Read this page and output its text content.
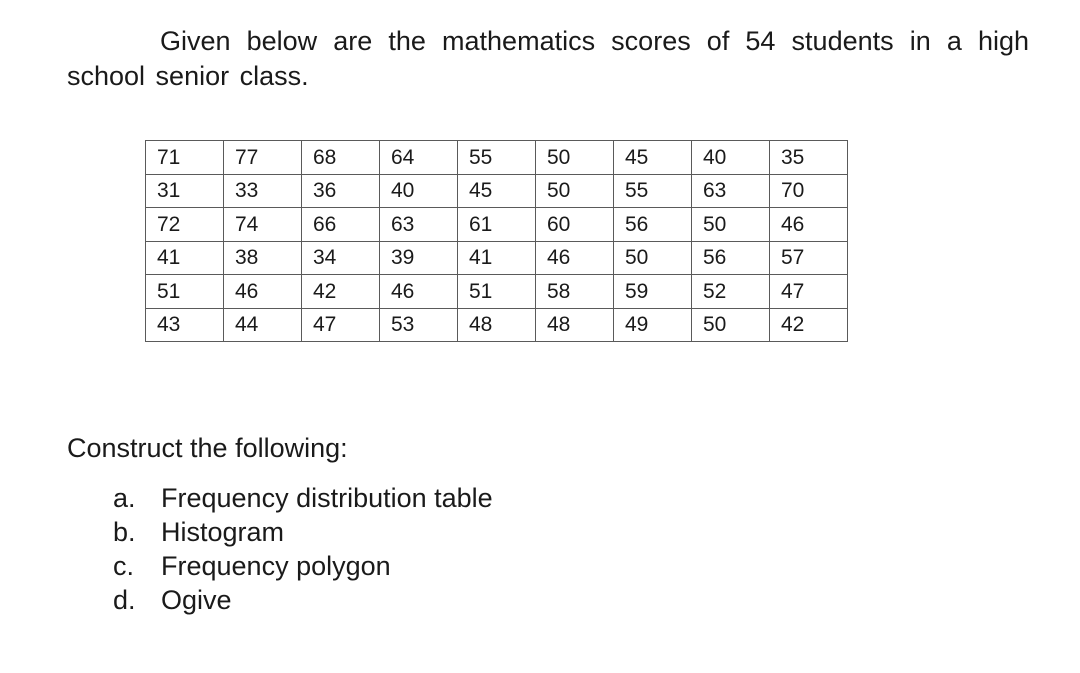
Given below are the mathematics scores of 54 students in a high school senior class.

71	77	68	64	55	50	45	40	35
31	33	36	40	45	50	55	63	70
72	74	66	63	61	60	56	50	46
41	38	34	39	41	46	50	56	57
51	46	42	46	51	58	59	52	47
43	44	47	53	48	48	49	50	42

Construct the following:

a. Frequency distribution table
b. Histogram
c. Frequency polygon
d. Ogive
